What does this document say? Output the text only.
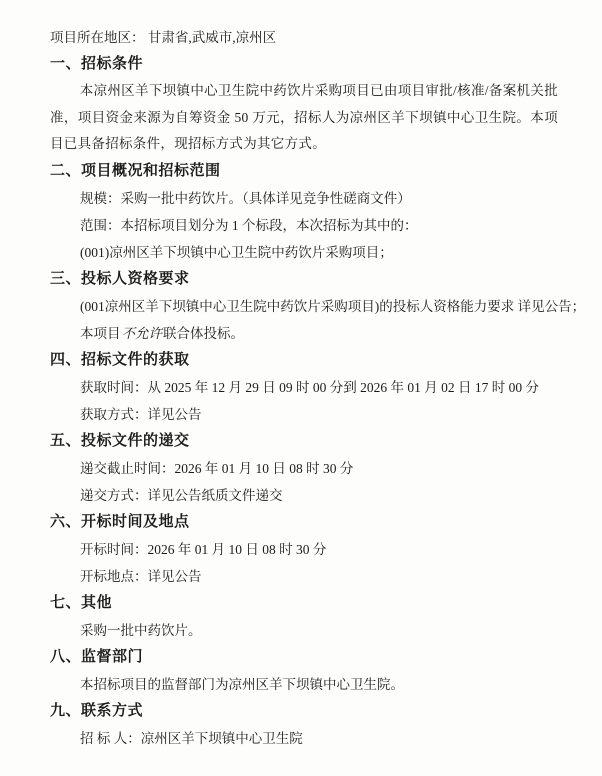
项目所在地区： 甘肃省,武威市,凉州区
一、招标条件

本凉州区羊下坝镇中心卫生院中药饮片采购项目已由项目审批/核准/备案机关批准，项目资金来源为自筹资金 50 万元，招标人为凉州区羊下坝镇中心卫生院。本项目已具备招标条件，现招标方式为其它方式。

二、项目概况和招标范围
规模：采购一批中药饮片。（具体详见竞争性磋商文件）
范围：本招标项目划分为 1 个标段，本次招标为其中的：
(001)凉州区羊下坝镇中心卫生院中药饮片采购项目；
三、投标人资格要求
(001凉州区羊下坝镇中心卫生院中药饮片采购项目)的投标人资格能力要求 详见公告；
本项目不允许联合体投标。
四、招标文件的获取
获取时间：从 2025 年 12 月 29 日 09 时 00 分到 2026 年 01 月 02 日 17 时 00 分
获取方式：详见公告
五、投标文件的递交
递交截止时间：2026 年 01 月 10 日 08 时 30 分
递交方式：详见公告纸质文件递交
六、开标时间及地点
开标时间：2026 年 01 月 10 日 08 时 30 分
开标地点：详见公告
七、其他
采购一批中药饮片。
八、监督部门
本招标项目的监督部门为凉州区羊下坝镇中心卫生院。
九、联系方式
招 标 人：凉州区羊下坝镇中心卫生院
